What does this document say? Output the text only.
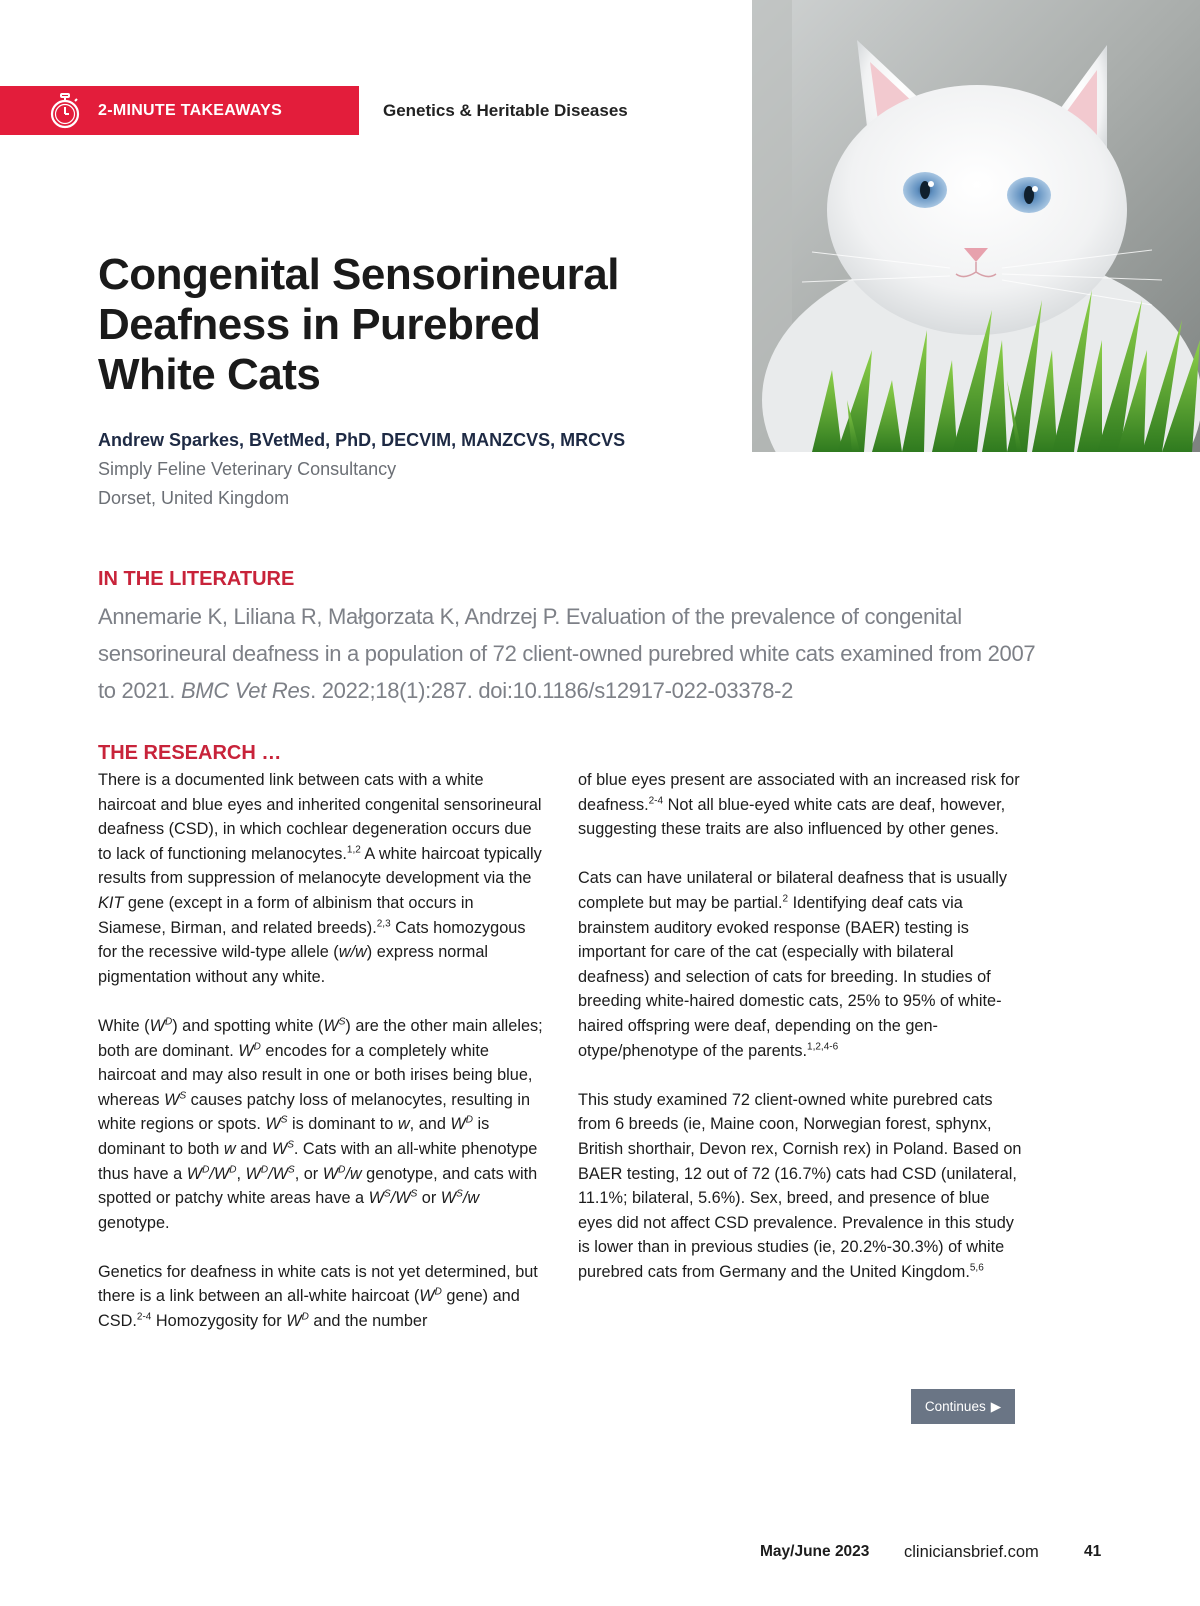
2-MINUTE TAKEAWAYS	Genetics & Heritable Diseases
Congenital Sensorineural
Deafness in Purebred
White Cats
Andrew Sparkes, BVetMed, PhD, DECVIM, MANZCVS, MRCVS
Simply Feline Veterinary Consultancy
Dorset, United Kingdom
IN THE LITERATURE

Annemarie K, Liliana R, Małgorzata K, Andrzej P. Evaluation of the prevalence of congenital sensorineural deafness in a population of 72 client-owned purebred white cats examined from 2007 to 2021. BMC Vet Res. 2022;18(1):287. doi:10.1186/s12917-022-03378-2

THE RESEARCH …

There is a documented link between cats with a white haircoat and blue eyes and inherited congenital sensorineural deafness (CSD), in which cochlear degeneration occurs due to lack of functioning melanocytes.$^{1,2}$ A white haircoat typically results from suppression of melanocyte development via the KIT gene (except in a form of albinism that occurs in Siamese, Birman, and related breeds).$^{2,3}$ Cats homozygous for the recessive wild-type allele (w/w) express normal pigmentation without any white.

White $(W^D)$ and spotting white $(W^S)$ are the other main alleles; both are dominant. $W^D$ encodes for a completely white haircoat and may also result in one or both irises being blue, whereas $W^S$ causes patchy loss of melanocytes, resulting in white regions or spots. $W^S$ is dominant to w, and $W^D$ is dominant to both w and $W^S$. Cats with an all-white phenotype thus have a $W^D/W^D$, $W^D/W^S$, or $W^D/w$ genotype, and cats with spotted or patchy white areas have a $W^S/W^S$ or $W^S/w$ genotype.

Genetics for deafness in white cats is not yet determined, but there is a link between an all-white haircoat ($W^D$ gene) and CSD.$^{2-4}$ Homozygosity for $W^D$ and the number

of blue eyes present are associated with an increased risk for deafness.$^{2-4}$ Not all blue-eyed white cats are deaf, however, suggesting these traits are also influenced by other genes.

Cats can have unilateral or bilateral deafness that is usually complete but may be partial.$^2$ Identifying deaf cats via brainstem auditory evoked response (BAER) testing is important for care of the cat (especially with bilateral deafness) and selection of cats for breeding. In studies of breeding white-haired domestic cats, 25% to 95% of white-haired offspring were deaf, depending on the genotype/phenotype of the parents.$^{1,2,4-6}$

This study examined 72 client-owned white purebred cats from 6 breeds (ie, Maine coon, Norwegian forest, sphynx, British shorthair, Devon rex, Cornish rex) in Poland. Based on BAER testing, 12 out of 72 (16.7%) cats had CSD (unilateral, 11.1%; bilateral, 5.6%). Sex, breed, and presence of blue eyes did not affect CSD prevalence. Prevalence in this study is lower than in previous studies (ie, 20.2%-30.3%) of white purebred cats from Germany and the United Kingdom.$^{5,6}$

Continues ▶
May/June 2023 cliniciansbrief.com	41
